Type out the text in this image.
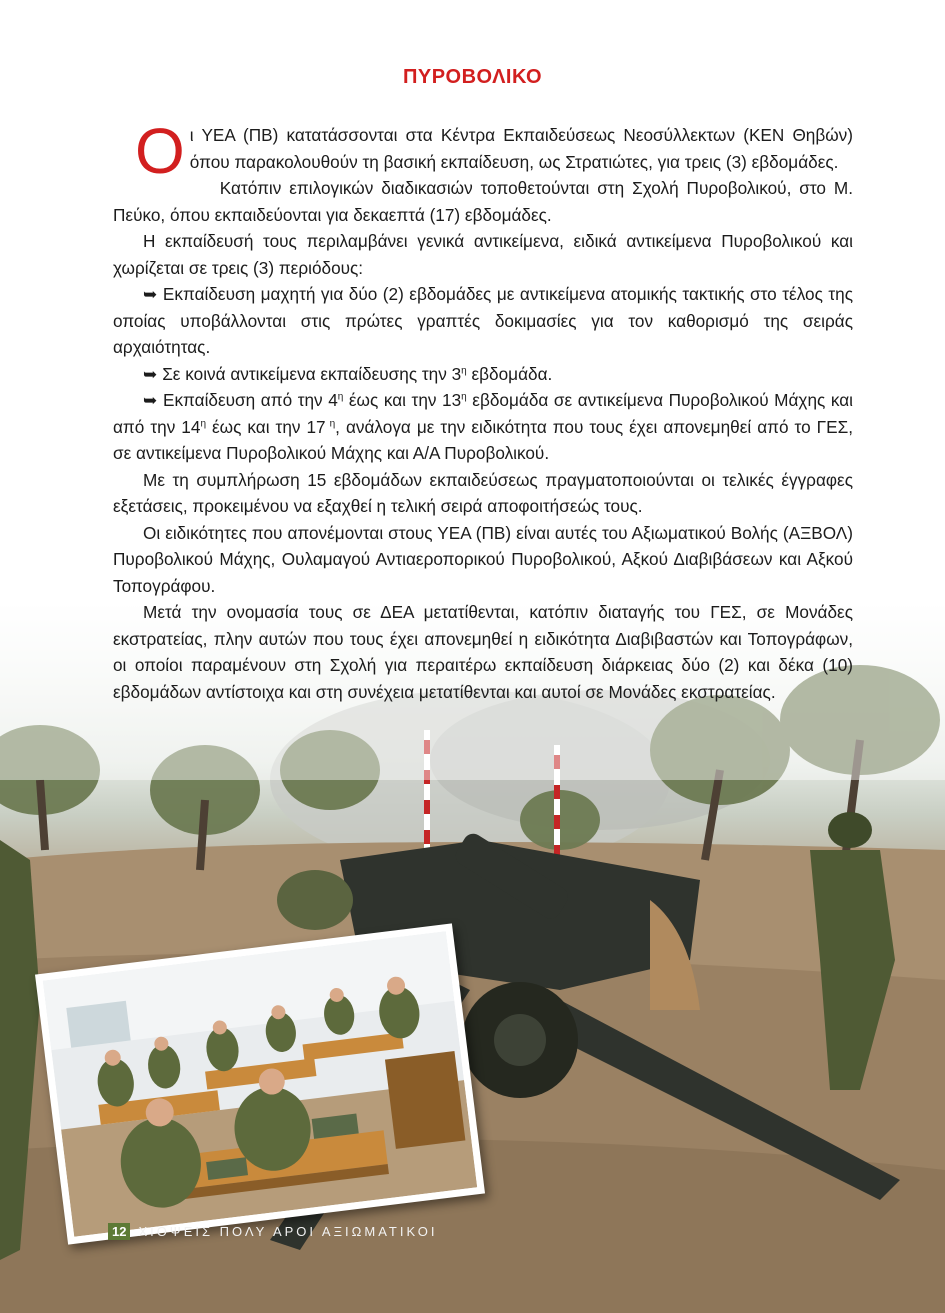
ΠΥΡΟΒΟΛΙΚΟ

Οι ΥΕΑ (ΠΒ) κατατάσσονται στα Κέντρα Εκπαιδεύσεως Νεοσύλλεκτων (ΚΕΝ Θηβών) όπου παρακολουθούν τη βασική εκπαίδευση, ως Στρατιώτες, για τρεις (3) εβδομάδες.

Κατόπιν επιλογικών διαδικασιών τοποθετούνται στη Σχολή Πυροβολικού, στο Μ. Πεύκο, όπου εκπαιδεύονται για δεκαεπτά (17) εβδομάδες.

Η εκπαίδευσή τους περιλαμβάνει γενικά αντικείμενα, ειδικά αντικείμενα Πυροβολικού και χωρίζεται σε τρεις (3) περιόδους:

➥ Εκπαίδευση μαχητή για δύο (2) εβδομάδες με αντικείμενα ατομικής τακτικής στο τέλος της οποίας υποβάλλονται στις πρώτες γραπτές δοκιμασίες για τον καθορισμό της σειράς αρχαιότητας.

➥ Σε κοινά αντικείμενα εκπαίδευσης την $3^\eta$ εβδομάδα.

➥ Εκπαίδευση από την $4^\eta$ έως και την $13^\eta$ εβδομάδα σε αντικείμενα Πυροβολικού Μάχης και από την $14^\eta$ έως και την 17 $^\eta$, ανάλογα με την ειδικότητα που τους έχει απονεμηθεί από το ΓΕΣ, σε αντικείμενα Πυροβολικού Μάχης και Α/Α Πυροβολικού.

Με τη συμπλήρωση 15 εβδομάδων εκπαιδεύσεως πραγματοποιούνται οι τελικές έγγραφες εξετάσεις, προκειμένου να εξαχθεί η τελική σειρά αποφοιτήσεώς τους.

Οι ειδικότητες που απονέμονται στους ΥΕΑ (ΠΒ) είναι αυτές του Αξιωματικού Βολής (ΑΞΒΟΛ) Πυροβολικού Μάχης, Ουλαμαγού Αντιαεροπορικού Πυροβολικού, Αξκού Διαβιβάσεων και Αξκού Τοπογράφου.

Μετά την ονομασία τους σε ΔΕΑ μετατίθενται, κατόπιν διαταγής του ΓΕΣ, σε Μονάδες εκστρατείας, πλην αυτών που τους έχει απονεμηθεί η ειδικότητα Διαβιβαστών και Τοπογράφων, οι οποίοι παραμένουν στη Σχολή για περαιτέρω εκπαίδευση διάρκειας δύο (2) και δέκα (10) εβδομάδων αντίστοιχα και στη συνέχεια μετατίθενται και αυτοί σε Μονάδες εκστρατείας.

12 ΧΙΟΨΕΙΣ ΠΟΛΥ ΑΡΟΙ ΑΞΙΩΜΑΤΙΚΟΙ
